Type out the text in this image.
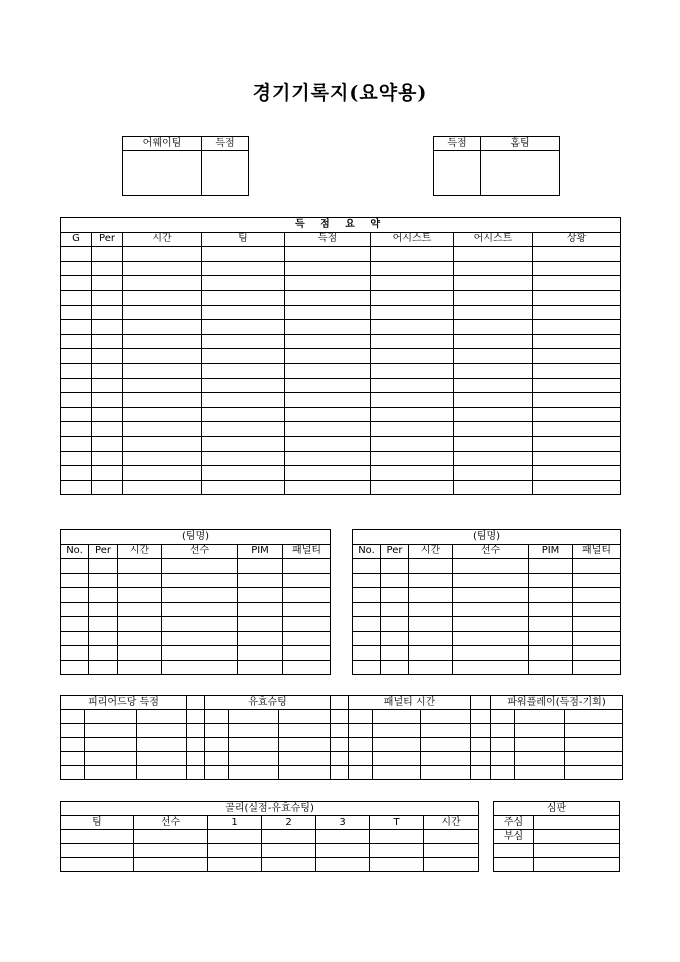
경기기록지(요약용)
어웨이팀	득점
		득점	홈팀

득 점 요 약							
G	Per	시간	팀	득점	어시스트	어시스트	상황

(팀명)					
No.	Per	시간	선수	PIM	패널티

(팀명)					
No.	Per	시간	선수	PIM	패널티

피리어드당 득점				유효슈팅				패널티 시간				파워플레이(득점-기회)		

골리(실점-유효슈팅)						
팀	선수	1	2	3	T	시간

심판	
주심	
부심	
